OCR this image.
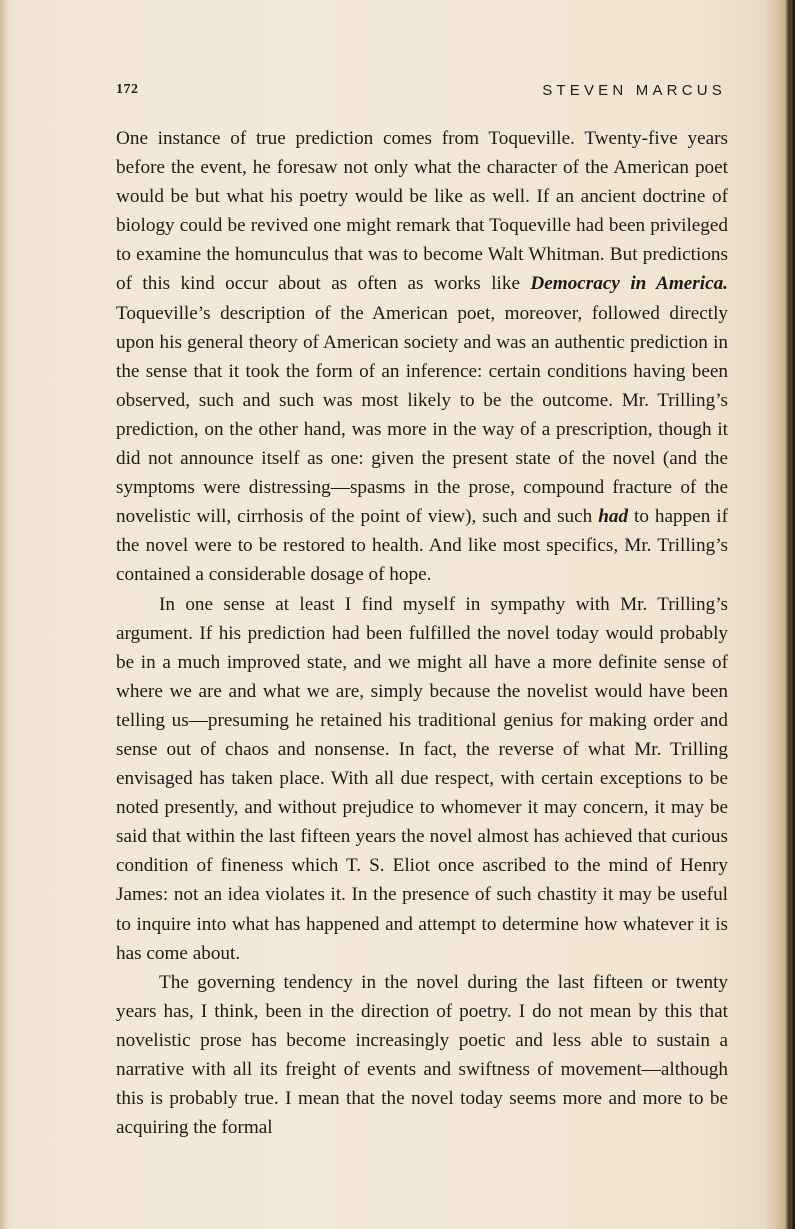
172	STEVEN MARCUS

One instance of true prediction comes from Toqueville. Twenty-five years before the event, he foresaw not only what the character of the American poet would be but what his poetry would be like as well. If an ancient doctrine of biology could be revived one might remark that Toqueville had been privileged to examine the homunculus that was to become Walt Whitman. But predictions of this kind occur about as often as works like Democracy in America. Toqueville’s description of the American poet, moreover, followed directly upon his general theory of American society and was an authentic prediction in the sense that it took the form of an inference: certain conditions having been observed, such and such was most likely to be the outcome. Mr. Trilling’s prediction, on the other hand, was more in the way of a prescription, though it did not announce itself as one: given the present state of the novel (and the symptoms were distressing—spasms in the prose, compound fracture of the novelistic will, cirrhosis of the point of view), such and such had to happen if the novel were to be restored to health. And like most specifics, Mr. Trilling’s contained a considerable dosage of hope.

In one sense at least I find myself in sympathy with Mr. Trilling’s argument. If his prediction had been fulfilled the novel today would probably be in a much improved state, and we might all have a more definite sense of where we are and what we are, simply because the novelist would have been telling us—presuming he retained his traditional genius for making order and sense out of chaos and nonsense. In fact, the reverse of what Mr. Trilling envisaged has taken place. With all due respect, with certain exceptions to be noted presently, and without prejudice to whomever it may concern, it may be said that within the last fifteen years the novel almost has achieved that curious condition of fineness which T. S. Eliot once ascribed to the mind of Henry James: not an idea violates it. In the presence of such chastity it may be useful to inquire into what has happened and attempt to determine how whatever it is has come about.

The governing tendency in the novel during the last fifteen or twenty years has, I think, been in the direction of poetry. I do not mean by this that novelistic prose has become increasingly poetic and less able to sustain a narrative with all its freight of events and swiftness of movement—although this is probably true. I mean that the novel today seems more and more to be acquiring the formal
